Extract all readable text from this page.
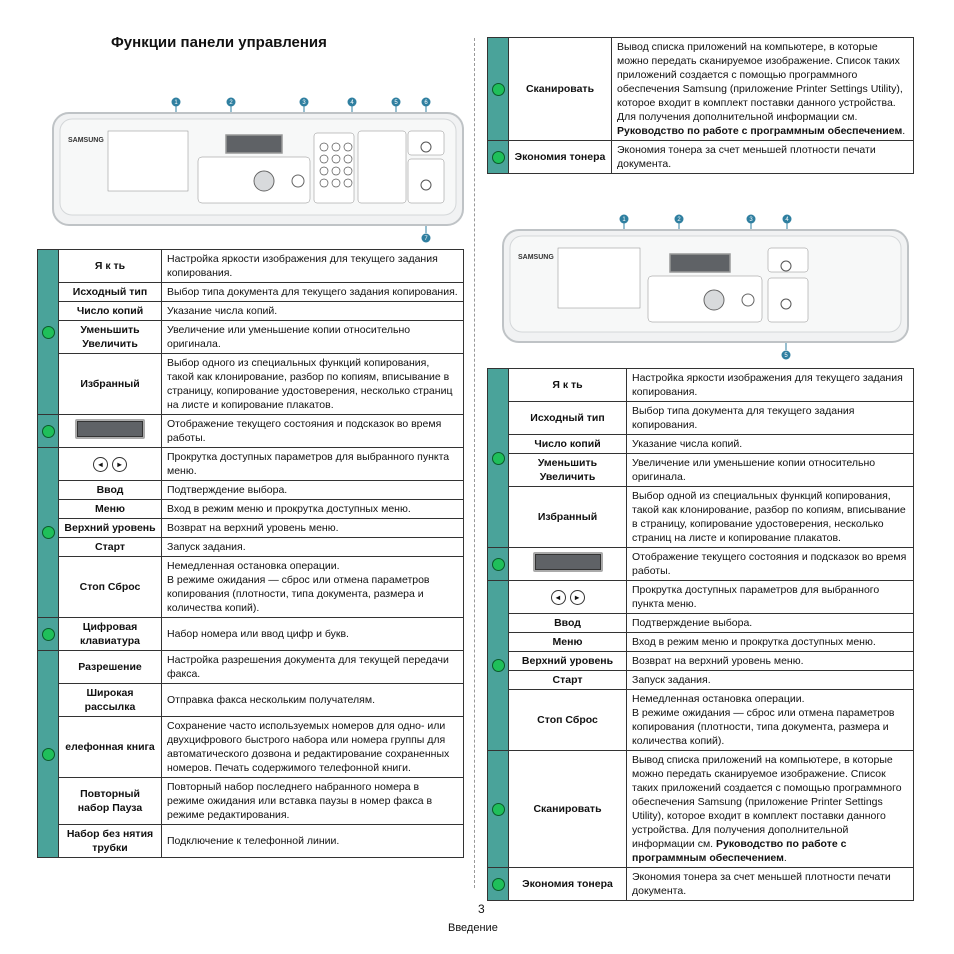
Функции панели управления
1	2	3	4	5	6
7
SAMSUNG
1	2	3	4
5
SAMSUNG
	Я к ть	Настройка яркости изображения для текущего задания копирования.
	Исходный тип	Выбор типа документа для текущего задания копирования.
	Число копий	Указание числа копий.
	Уменьшить Увеличить	Увеличение или уменьшение копии относительно оригинала.
	Избранный	Выбор одного из специальных функций копирования, такой как клонирование, разбор по копиям, вписывание в страницу, копирование удостоверения, несколько страниц на листе и копирование плакатов.
		Отображение текущего состояния и подсказок во время работы.
	◂ ▸	Прокрутка доступных параметров для выбранного пункта меню.
	Ввод	Подтверждение выбора.
	Меню	Вход в режим меню и прокрутка доступных меню.
	Верхний уровень	Возврат на верхний уровень меню.
	Старт	Запуск задания.
	Стоп Сброс	Немедленная остановка операции.
В режиме ожидания — сброс или отмена параметров копирования (плотности, типа документа, размера и количества копий).
	Цифровая клавиатура	Набор номера или ввод цифр и букв.
	Разрешение	Настройка разрешения документа для текущей передачи факса.
	Широкая рассылка	Отправка факса нескольким получателям.
	елефонная книга	Сохранение часто используемых номеров для одно- или двухцифрового быстрого набора или номера группы для автоматического дозвона и редактирование сохраненных номеров. Печать содержимого телефонной книги.
	Повторный набор Пауза	Повторный набор последнего набранного номера в режиме ожидания или вставка паузы в номер факса в режиме редактирования.
	Набор без нятия трубки	Подключение к телефонной линии.
	Сканировать	Вывод списка приложений на компьютере, в которые можно передать сканируемое изображение. Список таких приложений создается с помощью программного обеспечения Samsung (приложение Printer Settings Utility), которое входит в комплект поставки данного устройства. Для получения дополнительной информации см. Руководство по работе с программным обеспечением.
	Экономия тонера	Экономия тонера за счет меньшей плотности печати документа.
	Я к ть	Настройка яркости изображения для текущего задания копирования.
	Исходный тип	Выбор типа документа для текущего задания копирования.
	Число копий	Указание числа копий.
	Уменьшить Увеличить	Увеличение или уменьшение копии относительно оригинала.
	Избранный	Выбор одной из специальных функций копирования, такой как клонирование, разбор по копиям, вписывание в страницу, копирование удостоверения, несколько страниц на листе и копирование плакатов.
		Отображение текущего состояния и подсказок во время работы.
	◂ ▸	Прокрутка доступных параметров для выбранного пункта меню.
	Ввод	Подтверждение выбора.
	Меню	Вход в режим меню и прокрутка доступных меню.
	Верхний уровень	Возврат на верхний уровень меню.
	Старт	Запуск задания.
	Стоп Сброс	Немедленная остановка операции.
В режиме ожидания — сброс или отмена параметров копирования (плотности, типа документа, размера и количества копий).
	Сканировать	Вывод списка приложений на компьютере, в которые можно передать сканируемое изображение. Список таких приложений создается с помощью программного обеспечения Samsung (приложение Printer Settings Utility), которое входит в комплект поставки данного устройства. Для получения дополнительной информации см. Руководство по работе с программным обеспечением.
	Экономия тонера	Экономия тонера за счет меньшей плотности печати документа.
3
Введение
